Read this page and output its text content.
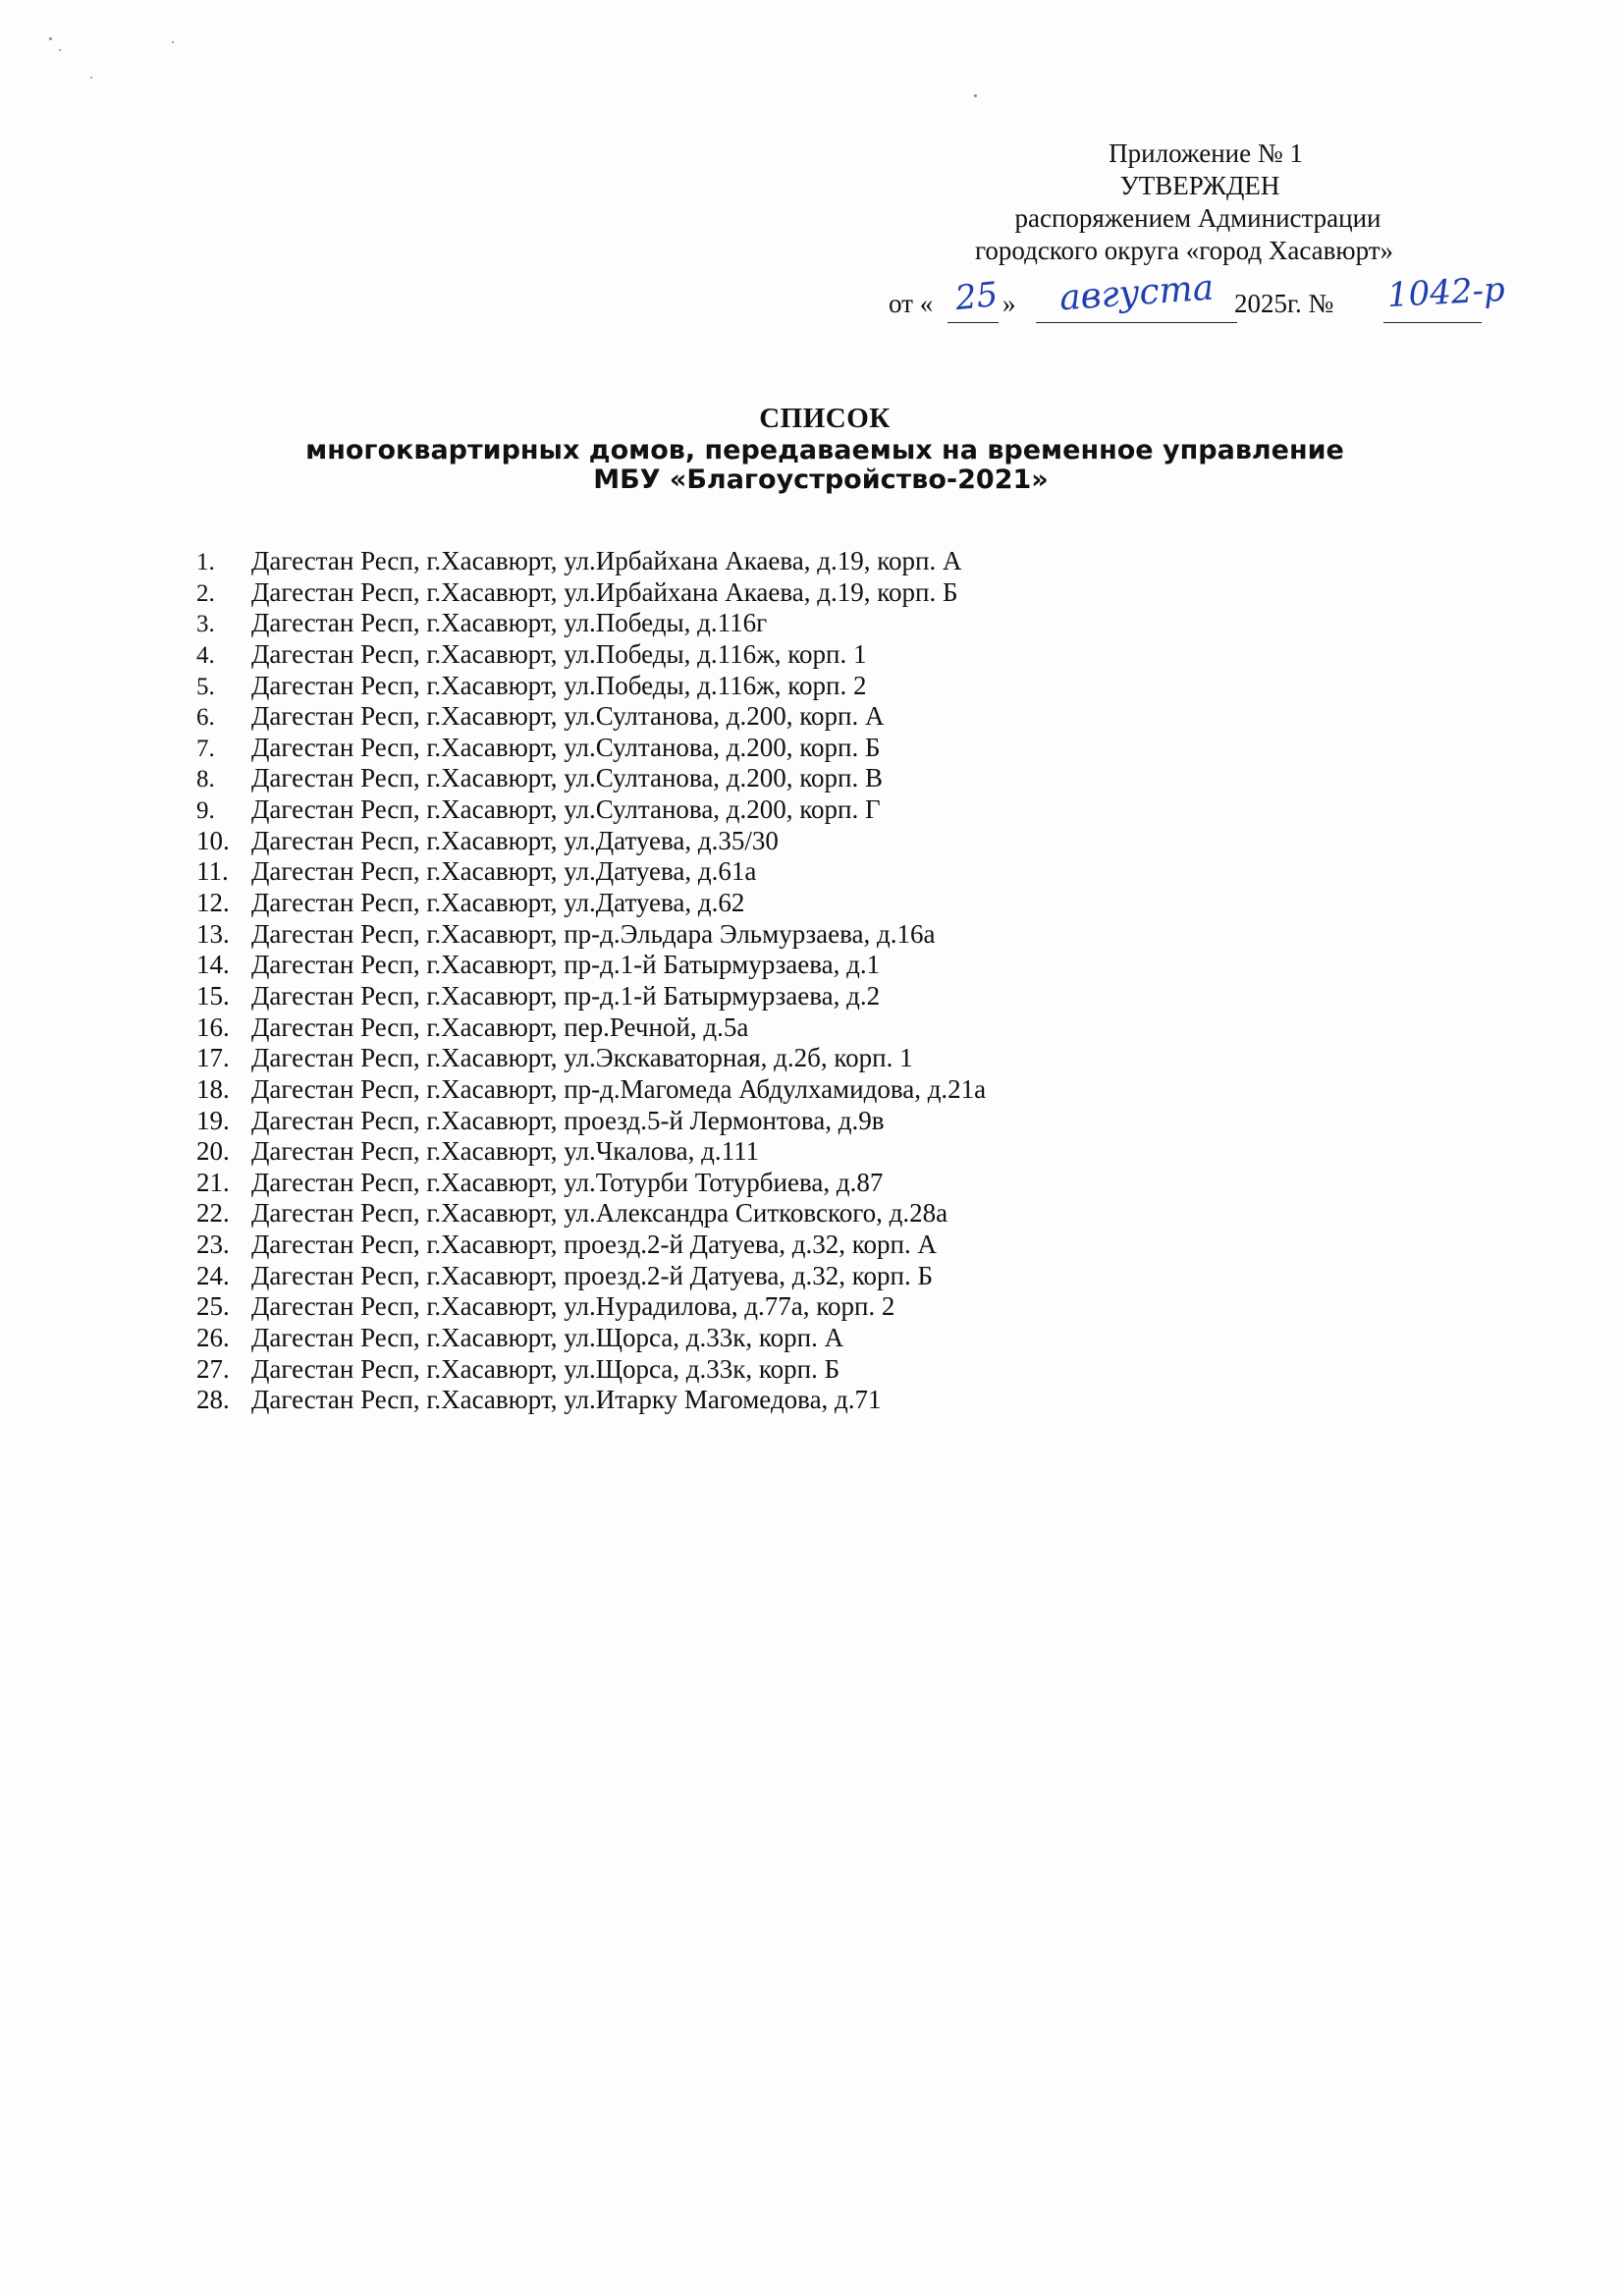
Приложение № 1
УТВЕРЖДЕН
распоряжением Администрации
городского округа «город Хасавюрт»
от « 25 » августа 2025г. № 1042-р
СПИСОК
многоквартирных домов, передаваемых на временное управление
МБУ «Благоустройство-2021»
1. Дагестан Респ, г.Хасавюрт, ул.Ирбайхана Акаева, д.19, корп. А
2. Дагестан Респ, г.Хасавюрт, ул.Ирбайхана Акаева, д.19, корп. Б
3. Дагестан Респ, г.Хасавюрт, ул.Победы, д.116г
4. Дагестан Респ, г.Хасавюрт, ул.Победы, д.116ж, корп. 1
5. Дагестан Респ, г.Хасавюрт, ул.Победы, д.116ж, корп. 2
6. Дагестан Респ, г.Хасавюрт, ул.Султанова, д.200, корп. А
7. Дагестан Респ, г.Хасавюрт, ул.Султанова, д.200, корп. Б
8. Дагестан Респ, г.Хасавюрт, ул.Султанова, д.200, корп. В
9. Дагестан Респ, г.Хасавюрт, ул.Султанова, д.200, корп. Г
10. Дагестан Респ, г.Хасавюрт, ул.Датуева, д.35/30
11. Дагестан Респ, г.Хасавюрт, ул.Датуева, д.61а
12. Дагестан Респ, г.Хасавюрт, ул.Датуева, д.62
13. Дагестан Респ, г.Хасавюрт, пр-д.Эльдара Эльмурзаева, д.16а
14. Дагестан Респ, г.Хасавюрт, пр-д.1-й Батырмурзаева, д.1
15. Дагестан Респ, г.Хасавюрт, пр-д.1-й Батырмурзаева, д.2
16. Дагестан Респ, г.Хасавюрт, пер.Речной, д.5а
17. Дагестан Респ, г.Хасавюрт, ул.Экскаваторная, д.2б, корп. 1
18. Дагестан Респ, г.Хасавюрт, пр-д.Магомеда Абдулхамидова, д.21а
19. Дагестан Респ, г.Хасавюрт, проезд.5-й Лермонтова, д.9в
20. Дагестан Респ, г.Хасавюрт, ул.Чкалова, д.111
21. Дагестан Респ, г.Хасавюрт, ул.Тотурби Тотурбиева, д.87
22. Дагестан Респ, г.Хасавюрт, ул.Александра Ситковского, д.28а
23. Дагестан Респ, г.Хасавюрт, проезд.2-й Датуева, д.32, корп. А
24. Дагестан Респ, г.Хасавюрт, проезд.2-й Датуева, д.32, корп. Б
25. Дагестан Респ, г.Хасавюрт, ул.Нурадилова, д.77а, корп. 2
26. Дагестан Респ, г.Хасавюрт, ул.Щорса, д.33к, корп. А
27. Дагестан Респ, г.Хасавюрт, ул.Щорса, д.33к, корп. Б
28. Дагестан Респ, г.Хасавюрт, ул.Итарку Магомедова, д.71
